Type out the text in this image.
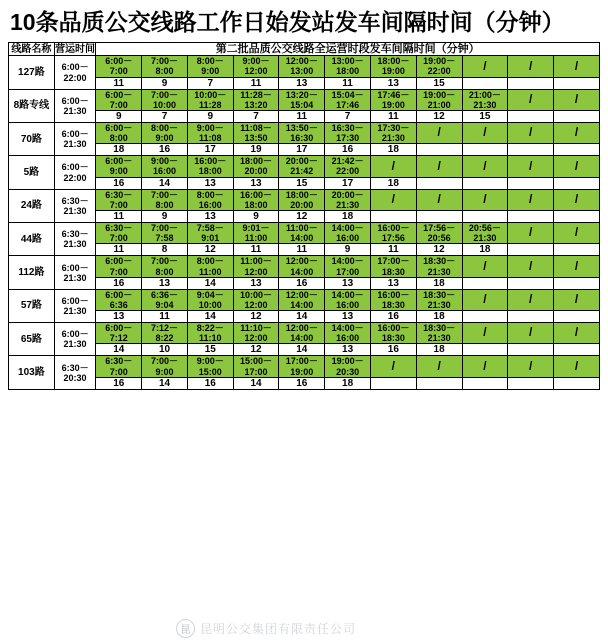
10条品质公交线路工作日始发站发车间隔时间（分钟）
线路名称	营运时间	第二批品质公交线路全运营时段发车间隔时间（分钟）										
127路	6:00－22:00	6:00－7:00	7:00－8:00	8:00－9:00	9:00－12:00	12:00－13:00	13:00－18:00	18:00－19:00	19:00－22:00	/	/	/
		11	9	7	11	13	11	13	15			
8路专线	6:00－21:30	6:00－7:00	7:00－10:00	10:00－11:28	11:28－13:20	13:20－15:04	15:04－17:46	17:46－19:00	19:00－21:00	21:00－21:30	/	/
		9	7	9	7	11	7	11	12	15		
70路	6:00－21:30	6:00－8:00	8:00－9:00	9:00－11:08	11:08－13:50	13:50－16:30	16:30－17:30	17:30－21:30	/	/	/	/
		18	16	17	19	17	16	18				
5路	6:00－22:00	6:00－9:00	9:00－16:00	16:00－18:00	18:00－20:00	20:00－21:42	21:42－22:00	/	/	/	/	/
		16	14	13	13	15	17	18				
24路	6:30－21:30	6:30－7:00	7:00－8:00	8:00－16:00	16:00－18:00	18:00－20:00	20:00－21:30	/	/	/	/	/
		11	9	13	9	12	18					
44路	6:30－21:30	6:30－7:00	7:00－7:58	7:58－9:01	9:01－11:00	11:00－14:00	14:00－16:00	16:00－17:56	17:56－20:56	20:56－21:30	/	/
		11	8	12	11	11	9	11	12	18		
112路	6:00－21:30	6:00－7:00	7:00－8:00	8:00－11:00	11:00－12:00	12:00－14:00	14:00－17:00	17:00－18:30	18:30－21:30	/	/	/
		16	13	14	13	16	13	13	18			
57路	6:00－21:30	6:00－6:36	6:36－9:04	9:04－10:00	10:00－12:00	12:00－14:00	14:00－16:00	16:00－18:30	18:30－21:30	/	/	/
		13	11	14	12	14	13	16	18			
65路	6:00－21:30	6:00－7:12	7:12－8:22	8:22－11:10	11:10－12:00	12:00－14:00	14:00－16:00	16:00－18:30	18:30－21:30	/	/	/
		14	10	15	12	14	13	16	18			
103路	6:30－20:30	6:30－7:00	7:00－9:00	9:00－15:00	15:00－17:00	17:00－19:00	19:00－20:30	/	/	/	/	/
		16	14	16	14	16	18					
昆 昆明公交集团有限责任公司
